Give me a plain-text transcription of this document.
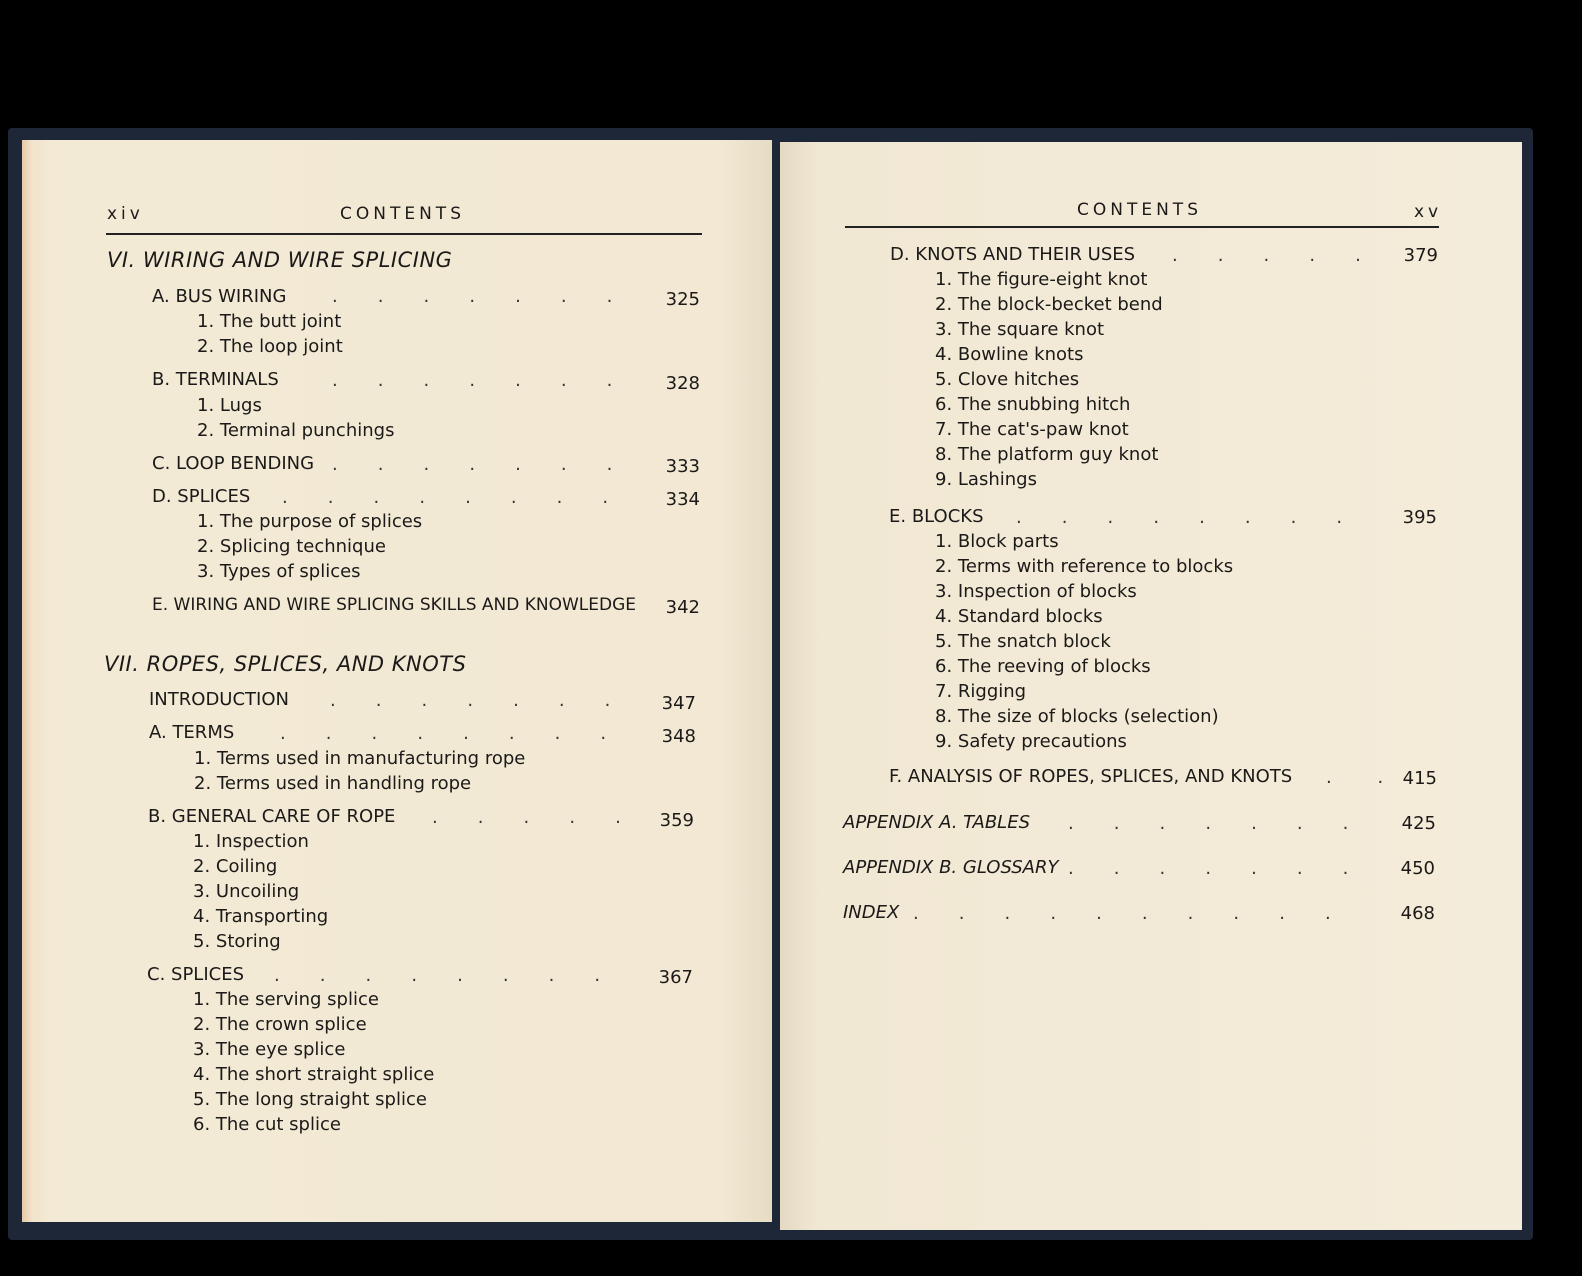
xiv	CONTENTS
VI. WIRING AND WIRE SPLICING
A. BUS WIRING	.       .       .       .       .       .       .	325
1. The butt joint
2. The loop joint
B. TERMINALS	.       .       .       .       .       .       .	328
1. Lugs
2. Terminal punchings
C. LOOP BENDING .       .       .       .       .       .       .	333
D. SPLICES .       .       .       .       .       .       .       .	334
1. The purpose of splices
2. Splicing technique
3. Types of splices
E. WIRING AND WIRE SPLICING SKILLS AND KNOWLEDGE	342
VII. ROPES, SPLICES, AND KNOTS
INTRODUCTION .       .       .       .       .       .       .	347
A. TERMS	.       .       .       .       .       .       .       .	348
1. Terms used in manufacturing rope
2. Terms used in handling rope
B. GENERAL CARE OF ROPE .       .       .       .       .	359
1. Inspection
2. Coiling
3. Uncoiling
4. Transporting
5. Storing
C. SPLICES .       .       .       .       .       .       .       .	367
1. The serving splice
2. The crown splice
3. The eye splice
4. The short straight splice
5. The long straight splice
6. The cut splice
CONTENTS	xv
D. KNOTS AND THEIR USES .       .       .       .       .	379
1. The figure-eight knot
2. The block-becket bend
3. The square knot
4. Bowline knots
5. Clove hitches
6. The snubbing hitch
7. The cat's-paw knot
8. The platform guy knot
9. Lashings
E. BLOCKS .       .       .       .       .       .       .       .	395
1. Block parts
2. Terms with reference to blocks
3. Inspection of blocks
4. Standard blocks
5. The snatch block
6. The reeving of blocks
7. Rigging
8. The size of blocks (selection)
9. Safety precautions
F. ANALYSIS OF ROPES, SPLICES, AND KNOTS .        .	415
APPENDIX A. TABLES .       .       .       .       .       .       .	425
APPENDIX B. GLOSSARY .       .       .       .       .       .       .	450
INDEX .       .       .       .       .       .       .       .       .       .	468
